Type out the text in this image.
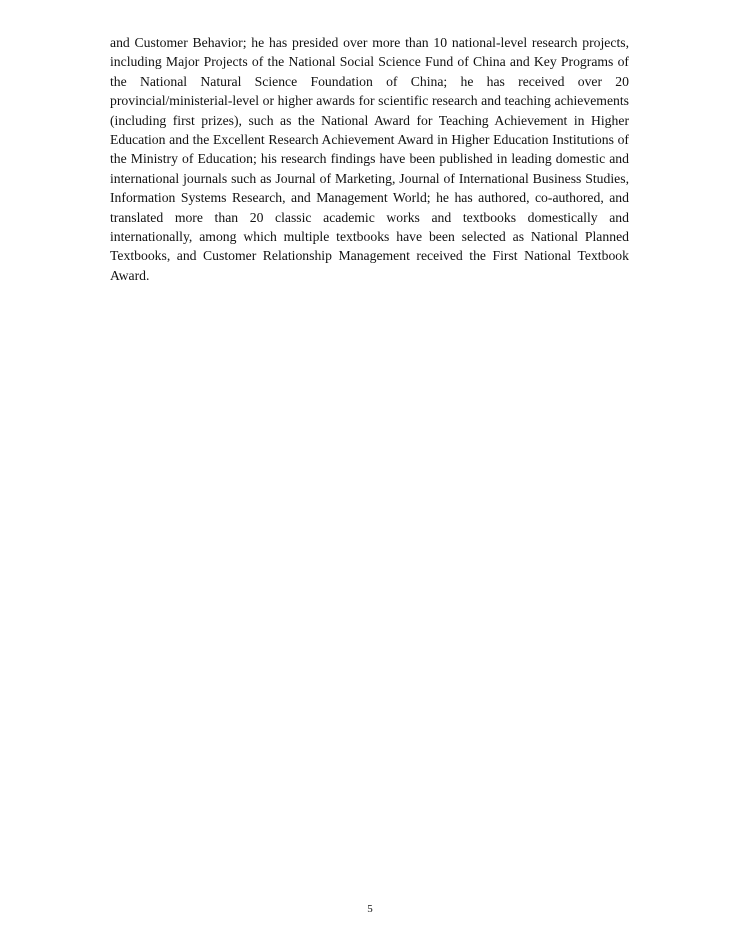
and Customer Behavior; he has presided over more than 10 national-level research projects, including Major Projects of the National Social Science Fund of China and Key Programs of the National Natural Science Foundation of China; he has received over 20 provincial/ministerial-level or higher awards for scientific research and teaching achievements (including first prizes), such as the National Award for Teaching Achievement in Higher Education and the Excellent Research Achievement Award in Higher Education Institutions of the Ministry of Education; his research findings have been published in leading domestic and international journals such as Journal of Marketing, Journal of International Business Studies, Information Systems Research, and Management World; he has authored, co-authored, and translated more than 20 classic academic works and textbooks domestically and internationally, among which multiple textbooks have been selected as National Planned Textbooks, and Customer Relationship Management received the First National Textbook Award.

5
